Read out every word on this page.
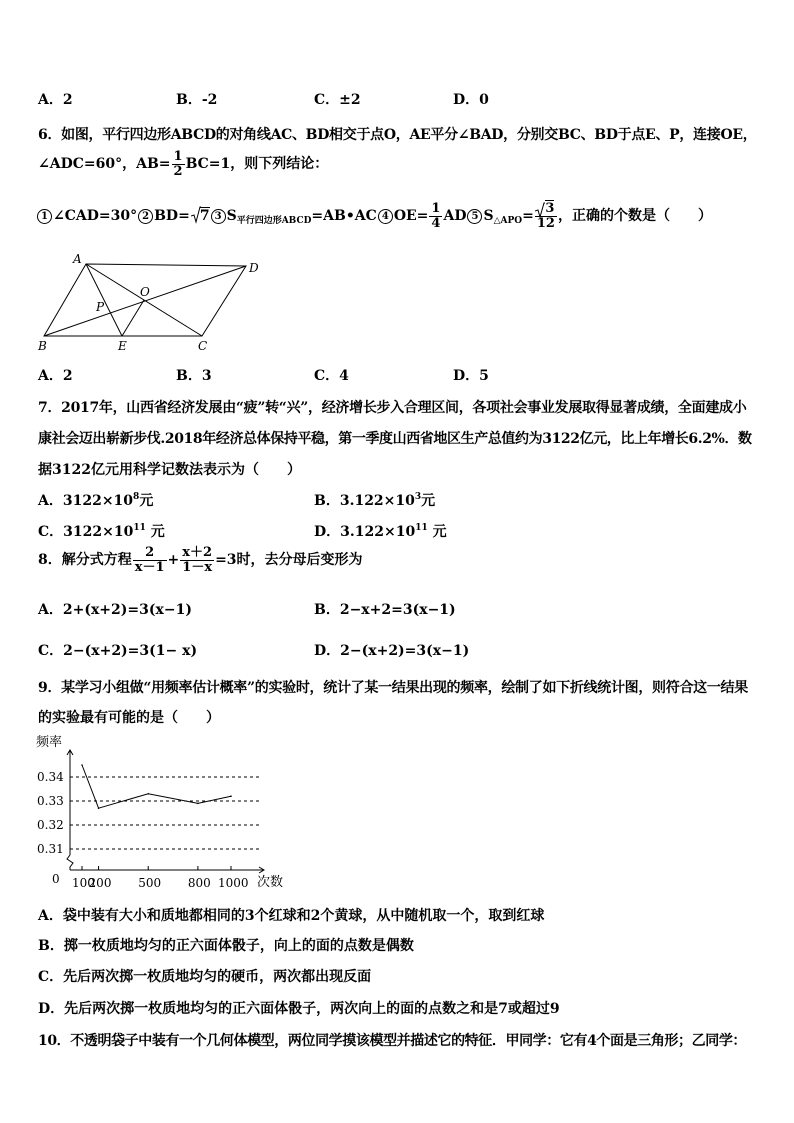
A．2	B．-2	C．±2	D．0
6．如图，平行四边形ABCD的对角线AC、BD相交于点O，AE平分∠BAD，分别交BC、BD于点E、P，连接OE，
∠ADC=60°，$AB= \frac{1}{2} BC=1$，则下列结论：
1 ∠CAD=30° 2 BD= 7 3 $S_{平行四边形ABCD}=AB•AC$ 4 $OE= \frac{1}{4}$ AD 5 $S_{\triangle APO}= \frac{3}{12}$ ，正确的个数是（　　）
A
D
B	C
O
P
E
A．2	B．3	C．4	D．5
7．2017年，山西省经济发展由“疲”转“兴”，经济增长步入合理区间，各项社会事业发展取得显著成绩，全面建成小
康社会迈出崭新步伐.2018年经济总体保持平稳，第一季度山西省地区生产总值约为3122亿元，比上年增长6.2%．数
据3122亿元用科学记数法表示为（　　）
A．$3122\times 10^8$元	B．$3.122\times 10^3$元
C．$3122\times 10^{11}$ 元	D．$3.122\times 10^{11}$ 元
8．解分式方程 $\frac{2}{x-1} + \frac{x+2}{1-x} =3$时，去分母后变形为
A．2+(x+2)=3(x−1)	B．2−x+2=3(x−1)
C．2−(x+2)=3(1− x)	D．2−(x+2)=3(x−1)
9．某学习小组做“用频率估计概率”的实验时，统计了某一结果出现的频率，绘制了如下折线统计图，则符合这一结果
的实验最有可能的是（　　）
频率
次数
0
0.34
0.33
0.32
0.31
100
200 500 800 1000
A．袋中装有大小和质地都相同的3个红球和2个黄球，从中随机取一个，取到红球
B．掷一枚质地均匀的正六面体骰子，向上的面的点数是偶数
C．先后两次掷一枚质地均匀的硬币，两次都出现反面
D．先后两次掷一枚质地均匀的正六面体骰子，两次向上的面的点数之和是7或超过9
10．不透明袋子中装有一个几何体模型，两位同学摸该模型并描述它的特征．甲同学：它有4个面是三角形；乙同学：
